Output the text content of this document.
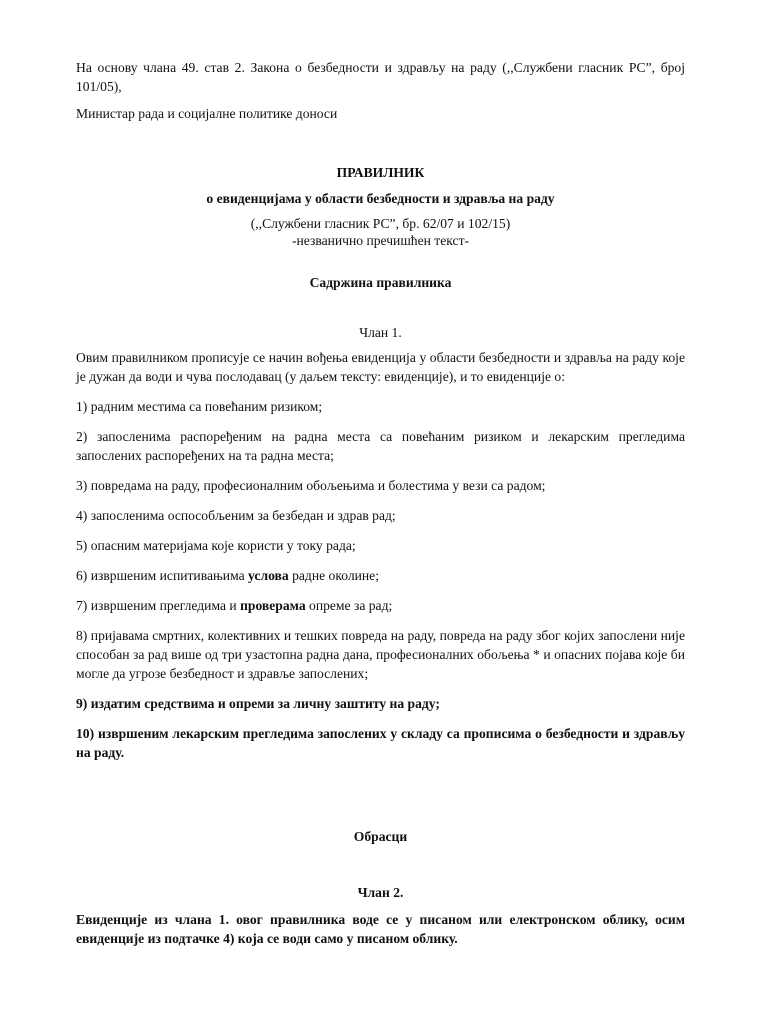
На основу члана 49. став 2. Закона о безбедности и здрављу на раду (,,Службени гласник РС”, број 101/05),

Министар рада и социјалне политике доноси

ПРАВИЛНИК

о евиденцијама у области безбедности и здравља на раду

(,,Службени гласник РС”, бр. 62/07 и 102/15)

-незванично пречишћен текст-

Садржина правилника

Члан 1.

Овим правилником прописује се начин вођења евиденција у области безбедности и здравља на раду које је дужан да води и чува послодавац (у даљем тексту: евиденције), и то евиденције о:

1) радним местима са повећаним ризиком;

2) запосленима распоређеним на радна места са повећаним ризиком и лекарским прегледима запослених распоређених на та радна места;

3) повредама на раду, професионалним обољењима и болестима у вези са радом;

4) запосленима оспособљеним за безбедан и здрав рад;

5) опасним материјама које користи у току рада;

6) извршеним испитивањима услова радне околине;

7) извршеним прегледима и проверама опреме за рад;

8) пријавама смртних, колективних и тешких повреда на раду, повреда на раду због којих запослени није способан за рад више од три узастопна радна дана, професионалних обољења * и опасних појава које би могле да угрозе безбедност и здравље запослених;

9) издатим средствима и опреми за личну заштиту на раду;

10) извршеним лекарским прегледима запослених у складу са прописима о безбедности и здрављу на раду.

Обрасци

Члан 2.

Евиденције из члана 1. овог правилника воде се у писаном или електронском облику, осим евиденције из подтачке 4) која се води само у писаном облику.
